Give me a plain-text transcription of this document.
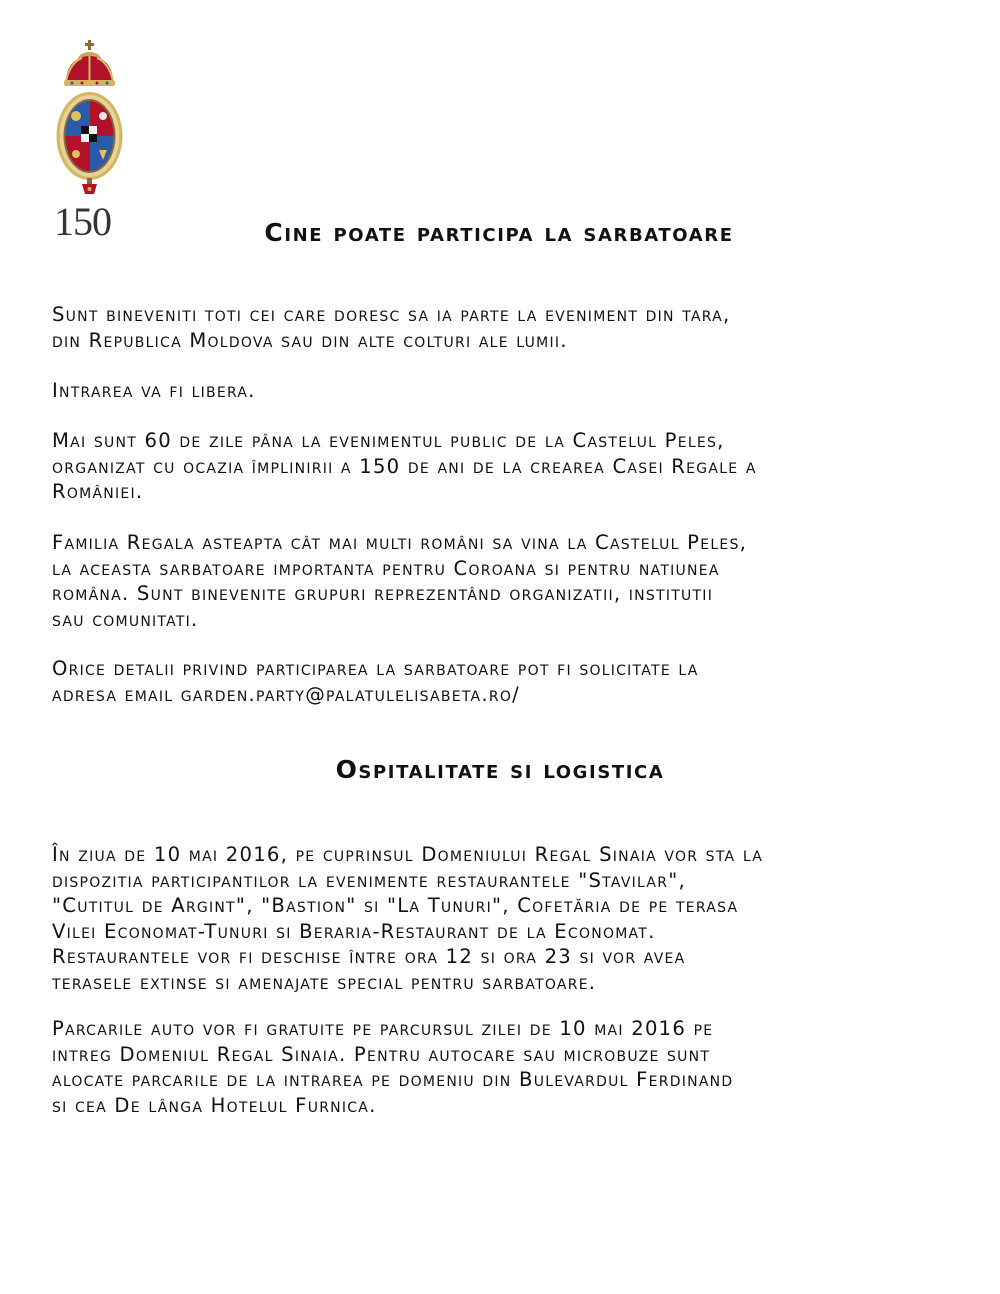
150	Cine poate participa la sarbatoare
Sunt bineveniti toti cei care doresc sa ia parte la eveniment din tara,
din Republica Moldova sau din alte colturi ale lumii.
Intrarea va fi libera.
Mai sunt 60 de zile pâna la evenimentul public de la Castelul Peles,
organizat cu ocazia împlinirii a 150 de ani de la crearea Casei Regale a
României.
Familia Regala asteapta cât mai multi români sa vina la Castelul Peles,
la aceasta sarbatoare importanta pentru Coroana si pentru natiunea
româna. Sunt binevenite grupuri reprezentând organizatii, institutii
sau comunitati.
Orice detalii privind participarea la sarbatoare pot fi solicitate la
adresa email garden.party@palatulelisabeta.ro/
Ospitalitate si logistica
În ziua de 10 mai 2016, pe cuprinsul Domeniului Regal Sinaia vor sta la
dispozitia participantilor la evenimente restaurantele "Stavilar",
"Cutitul de Argint", "Bastion" si "La Tunuri", Cofetăria de pe terasa
Vilei Economat-Tunuri si Beraria-Restaurant de la Economat.
Restaurantele vor fi deschise între ora 12 si ora 23 si vor avea
terasele extinse si amenajate special pentru sarbatoare.
Parcarile auto vor fi gratuite pe parcursul zilei de 10 mai 2016 pe
intreg Domeniul Regal Sinaia. Pentru autocare sau microbuze sunt
alocate parcarile de la intrarea pe domeniu din Bulevardul Ferdinand
si cea De lânga Hotelul Furnica.
